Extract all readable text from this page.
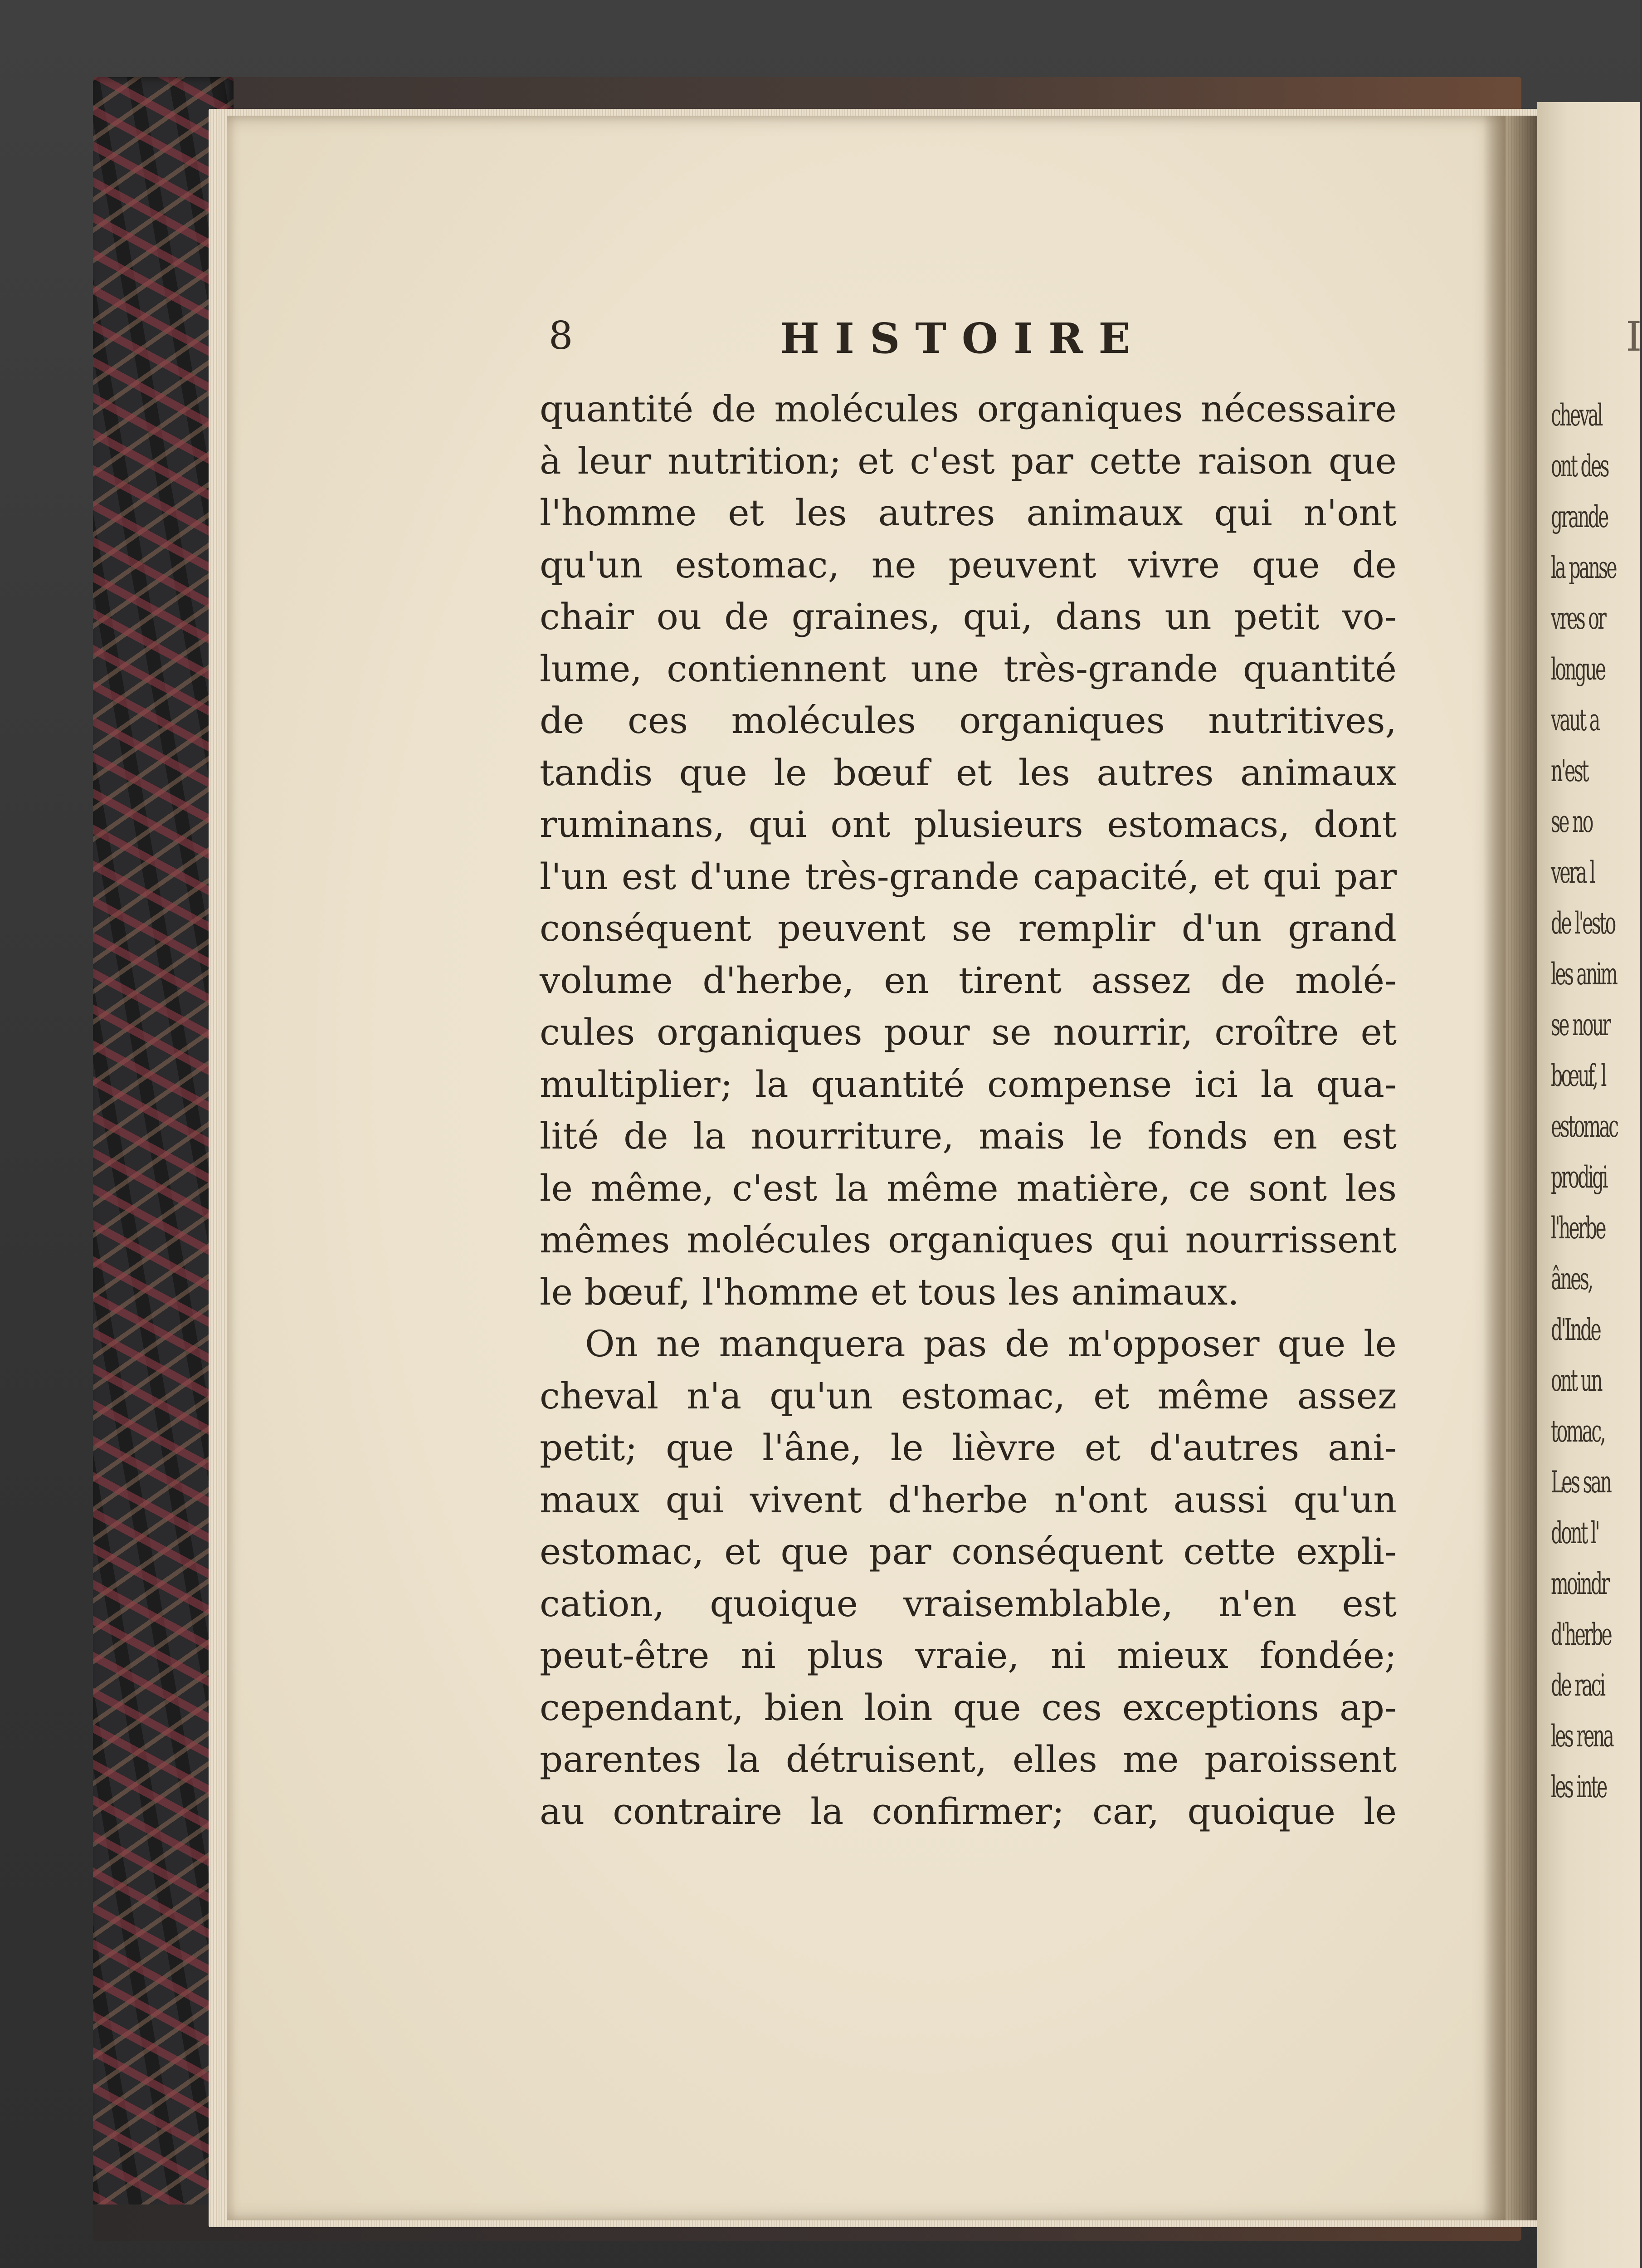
8	HISTOIRE
quantité de molécules organiques nécessaire
à leur nutrition; et c'est par cette raison que
l'homme et les autres animaux qui n'ont
qu'un estomac, ne peuvent vivre que de
chair ou de graines, qui, dans un petit vo-
lume, contiennent une très-grande quantité
de ces molécules organiques nutritives,
tandis que le bœuf et les autres animaux
ruminans, qui ont plusieurs estomacs, dont
l'un est d'une très-grande capacité, et qui par
conséquent peuvent se remplir d'un grand
volume d'herbe, en tirent assez de molé-
cules organiques pour se nourrir, croître et
multiplier; la quantité compense ici la qua-
lité de la nourriture, mais le fonds en est
le même, c'est la même matière, ce sont les
mêmes molécules organiques qui nourrissent
le bœuf, l'homme et tous les animaux.
On ne manquera pas de m'opposer que le
cheval n'a qu'un estomac, et même assez
petit; que l'âne, le lièvre et d'autres ani-
maux qui vivent d'herbe n'ont aussi qu'un
estomac, et que par conséquent cette expli-
cation, quoique vraisemblable, n'en est
peut-être ni plus vraie, ni mieux fondée;
cependant, bien loin que ces exceptions ap-
parentes la détruisent, elles me paroissent
au contraire la confirmer; car, quoique le
I
cheval
ont des
grande
la panse
vres or
longue
vaut a
n'est
se no
vera l
de l'esto
les anim
se nour
bœuf, l
estomac
prodigi
l'herbe
ânes,
d'Inde
ont un
tomac,
Les san
dont l'
moindr
d'herbe
de raci
les rena
les inte
